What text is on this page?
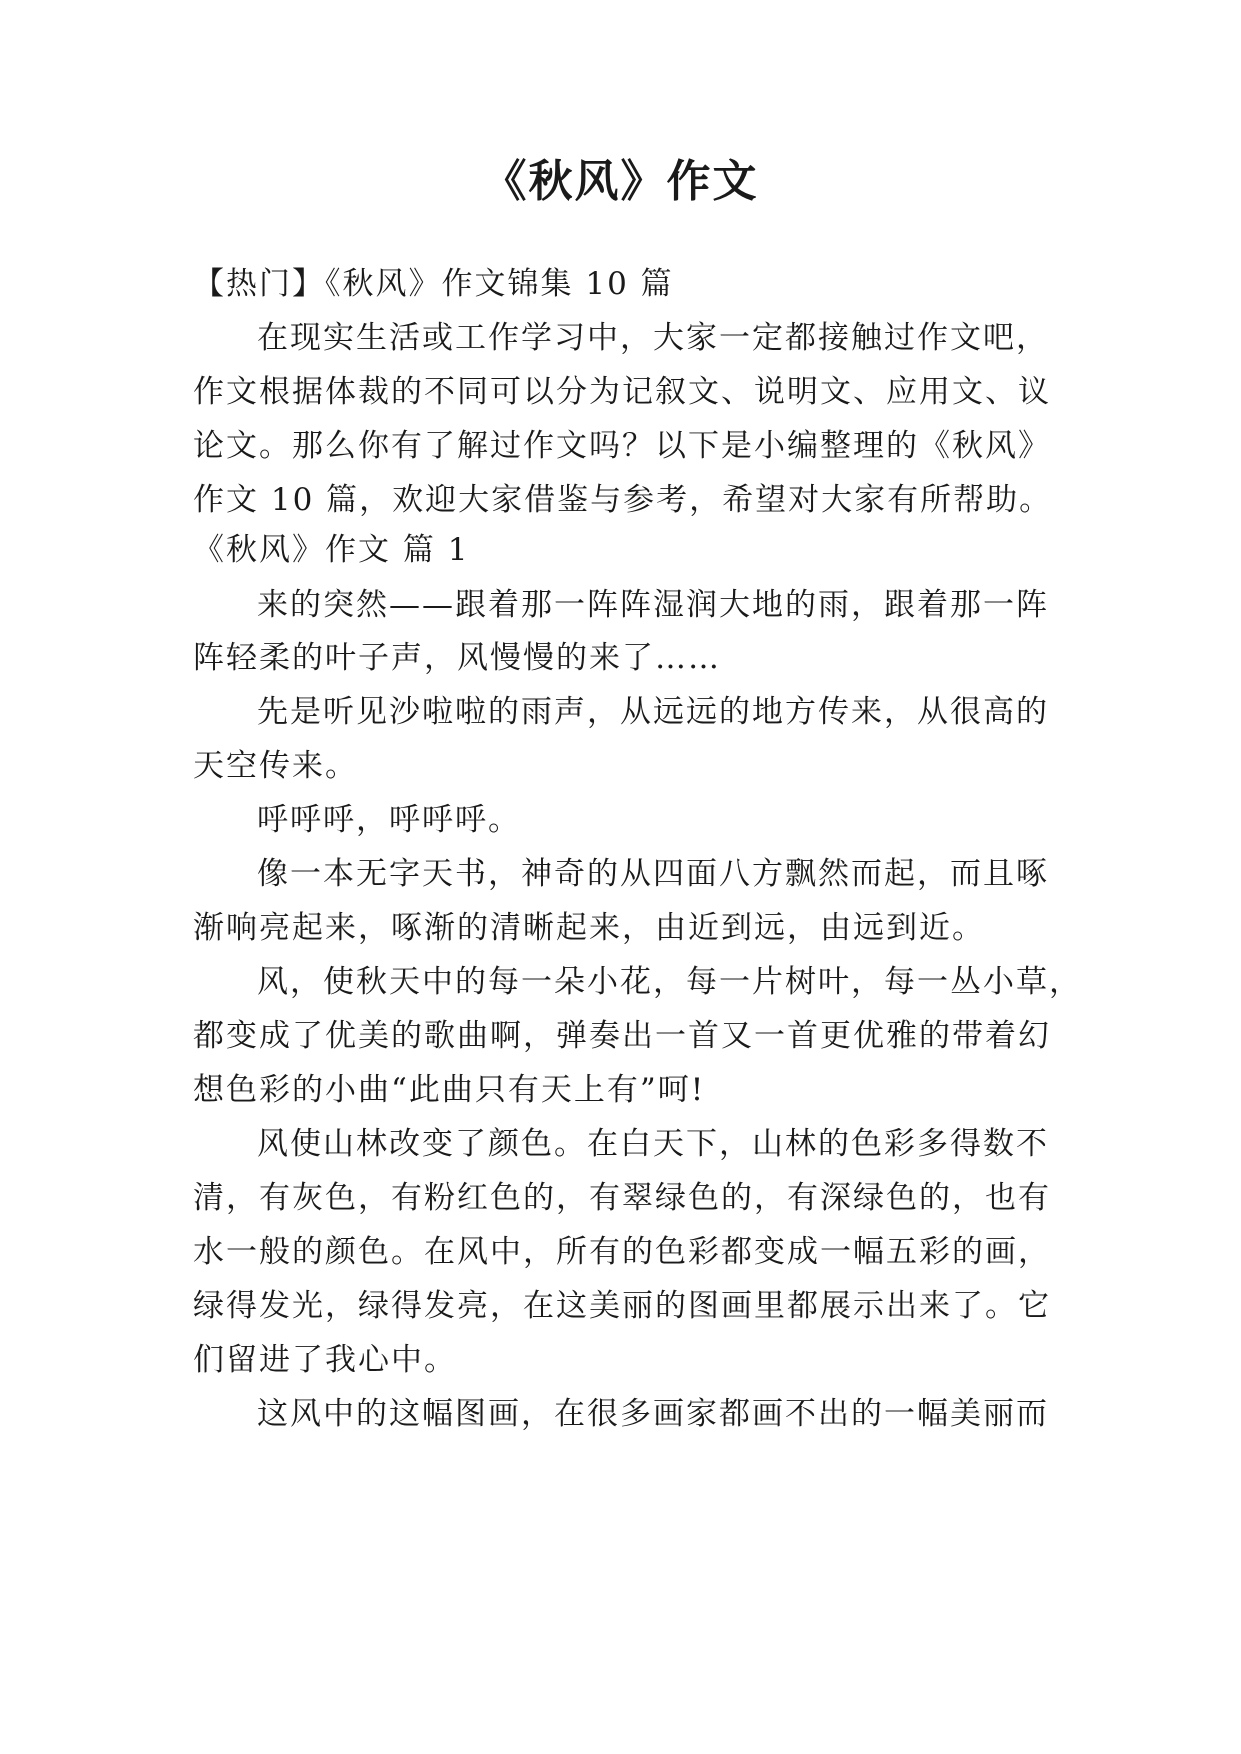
《秋风》作文
【热门】《秋风》作文锦集 10 篇
在现实生活或工作学习中，大家一定都接触过作文吧，
作文根据体裁的不同可以分为记叙文、说明文、应用文、议
论文。那么你有了解过作文吗？以下是小编整理的《秋风》
作文 10 篇，欢迎大家借鉴与参考，希望对大家有所帮助。
《秋风》作文 篇 1
来的突然——跟着那一阵阵湿润大地的雨，跟着那一阵
阵轻柔的叶子声，风慢慢的来了……
先是听见沙啦啦的雨声，从远远的地方传来，从很高的
天空传来。
呼呼呼，呼呼呼。
像一本无字天书，神奇的从四面八方飘然而起，而且啄
渐响亮起来，啄渐的清晰起来，由近到远，由远到近。
风，使秋天中的每一朵小花，每一片树叶，每一丛小草，
都变成了优美的歌曲啊，弹奏出一首又一首更优雅的带着幻
想色彩的小曲“此曲只有天上有”呵!
风使山林改变了颜色。在白天下，山林的色彩多得数不
清，有灰色，有粉红色的，有翠绿色的，有深绿色的，也有
水一般的颜色。在风中，所有的色彩都变成一幅五彩的画，
绿得发光，绿得发亮，在这美丽的图画里都展示出来了。它
们留进了我心中。
这风中的这幅图画，在很多画家都画不出的一幅美丽而
